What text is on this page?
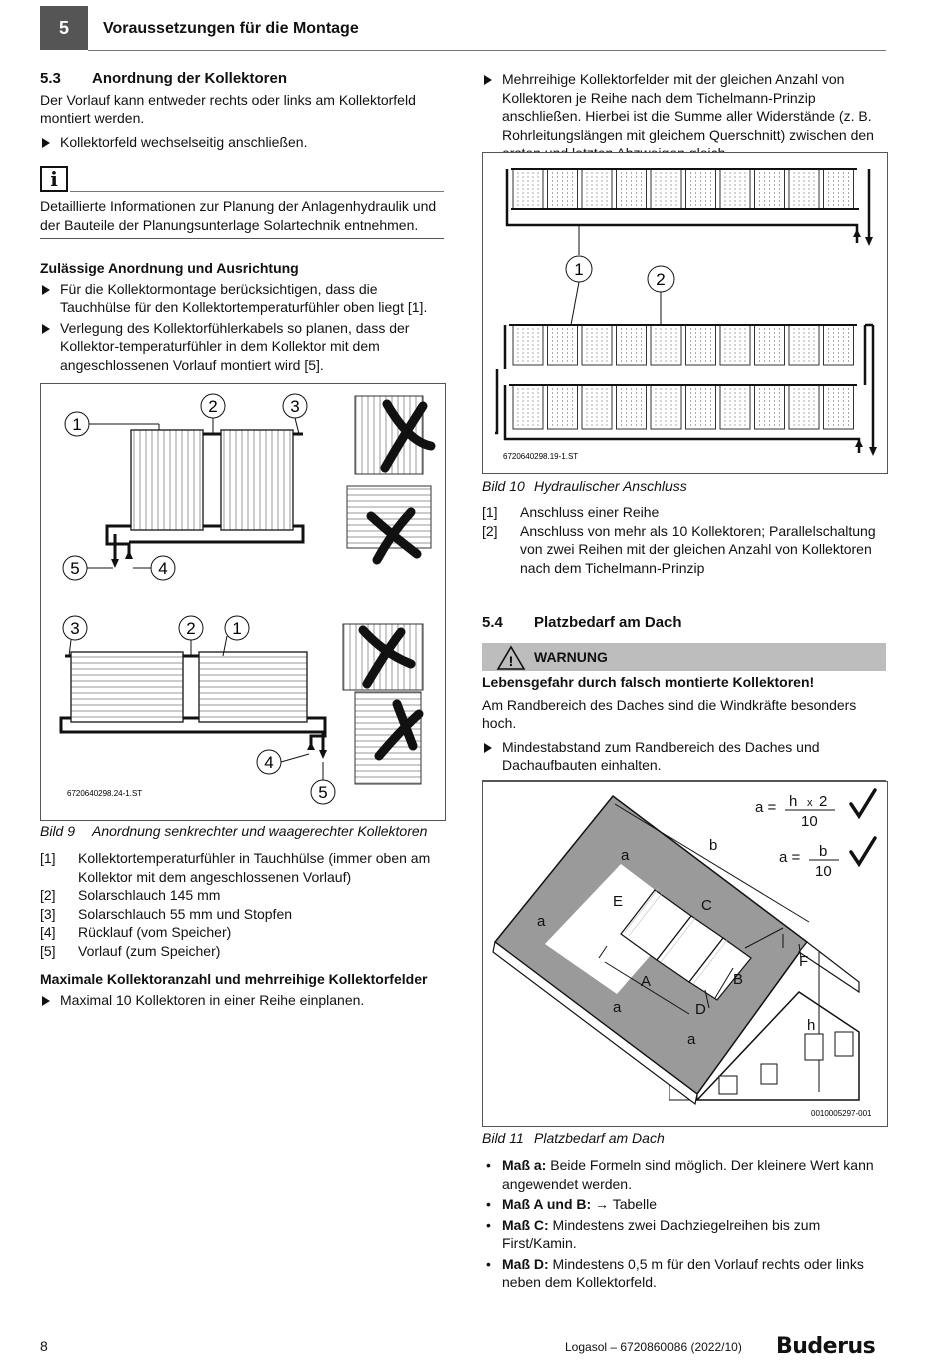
5	Voraussetzungen für die Montage
5.3 Anordnung der Kollektoren

Der Vorlauf kann entweder rechts oder links am Kollektorfeld montiert werden.

Kollektorfeld wechselseitig anschließen.
i

Detaillierte Informationen zur Planung der Anlagenhydraulik und der Bauteile der Planungsunterlage Solartechnik entnehmen.

Zulässige Anordnung und Ausrichtung

Für die Kollektormontage berücksichtigen, dass die Tauchhülse für den Kollektortemperaturfühler oben liegt [1].
Verlegung des Kollektorfühlerkabels so planen, dass der Kollektor-temperaturfühler in dem Kollektor mit dem angeschlossenen Vorlauf montiert wird [5].
1
2	3
5	4
3	2 1
4
5
6720640298.24-1.ST

Bild 9 Anordnung senkrechter und waagerechter Kollektoren

[1] Kollektortemperaturfühler in Tauchhülse (immer oben am Kollektor mit dem angeschlossenen Vorlauf)
[2] Solarschlauch 145 mm
[3] Solarschlauch 55 mm und Stopfen
[4] Rücklauf (vom Speicher)
[5] Vorlauf (zum Speicher)

Maximale Kollektoranzahl und mehrreihige Kollektorfelder

Maximal 10 Kollektoren in einer Reihe einplanen.
Mehrreihige Kollektorfelder mit der gleichen Anzahl von Kollektoren je Reihe nach dem Tichelmann-Prinzip anschließen. Hierbei ist die Summe aller Widerstände (z. B. Rohrleitungslängen mit gleichem Querschnitt) zwischen den
1
2
6720640298.19-1.ST

Bild 10 Hydraulischer Anschluss

[1] Anschluss einer Reihe
[2] Anschluss von mehr als 10 Kollektoren; Parallelschaltung von zwei Reihen mit der gleichen Anzahl von Kollektoren nach dem Tichelmann-Prinzip
5.4 Platzbedarf am Dach
! WARNUNG

Lebensgefahr durch falsch montierte Kollektoren!

Am Randbereich des Daches sind die Windkräfte besonders hoch.

Mindestabstand zum Randbereich des Daches und Dachaufbauten einhalten.
a
a
b
E	C
A	B
D
a
a
F
h
a = h x 2
10
a = b
10
0010005297-001

Bild 11 Platzbedarf am Dach

• Maß a: Beide Formeln sind möglich. Der kleinere Wert kann angewendet werden.
• Maß A und B: → Tabelle
• Maß C: Mindestens zwei Dachziegelreihen bis zum First/Kamin.
• Maß D: Mindestens 0,5 m für den Vorlauf rechts oder links neben dem Kollektorfeld.
8	Logasol – 6720860086 (2022/10) Buderus
